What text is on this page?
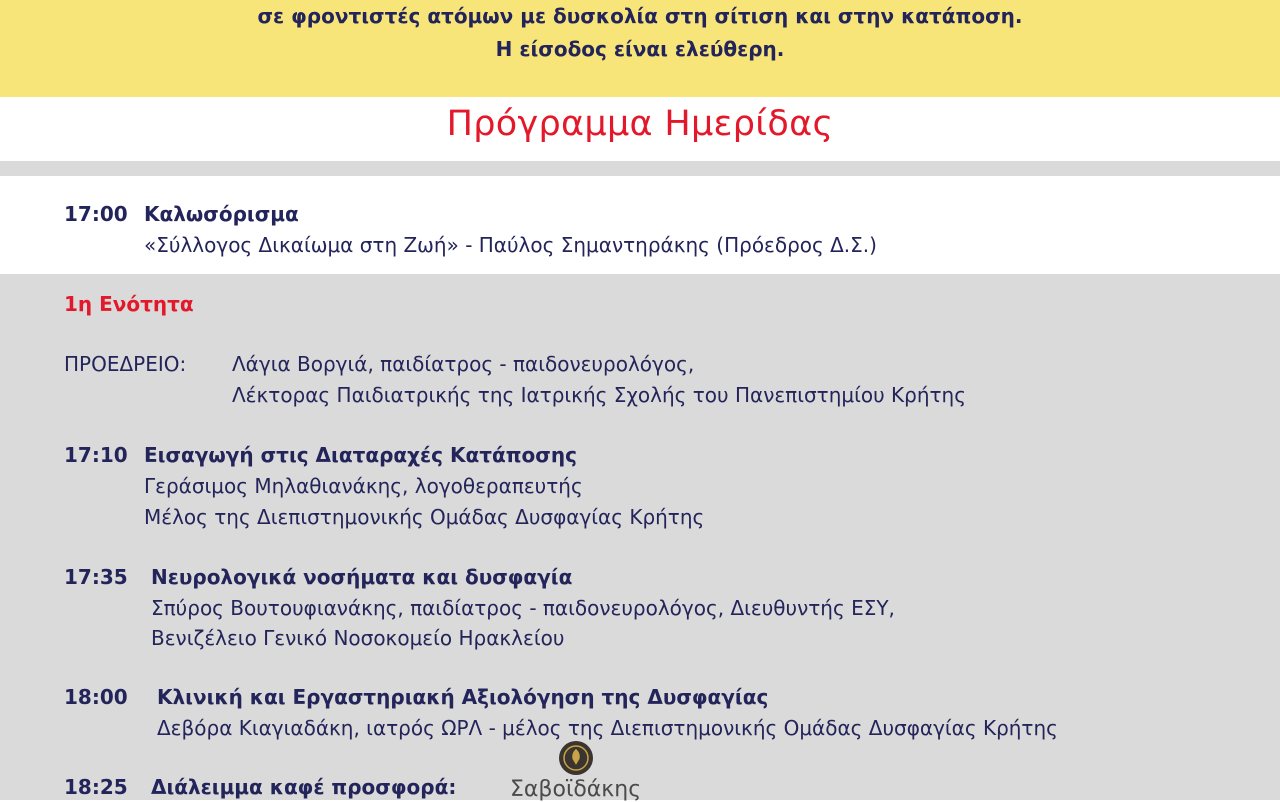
σε φροντιστές ατόμων με δυσκολία στη σίτιση και στην κατάποση.
Η είσοδος είναι ελεύθερη.
Πρόγραμμα Ημερίδας
17:00 Καλωσόρισμα
«Σύλλογος Δικαίωμα στη Ζωή» - Παύλος Σημαντηράκης (Πρόεδρος Δ.Σ.)
1η Ενότητα
ΠΡΟΕΔΡΕΙΟ: Λάγια Βοργιά, παιδίατρος - παιδονευρολόγος,
Λέκτορας Παιδιατρικής της Ιατρικής Σχολής του Πανεπιστημίου Κρήτης
17:10 Εισαγωγή στις Διαταραχές Κατάποσης
Γεράσιμος Μηλαθιανάκης, λογοθεραπευτής
Μέλος της Διεπιστημονικής Ομάδας Δυσφαγίας Κρήτης
17:35 Νευρολογικά νοσήματα και δυσφαγία
Σπύρος Βουτουφιανάκης, παιδίατρος - παιδονευρολόγος, Διευθυντής ΕΣΥ,
Βενιζέλειο Γενικό Νοσοκομείο Ηρακλείου
18:00 Κλινική και Εργαστηριακή Αξιολόγηση της Δυσφαγίας
Δεβόρα Κιαγιαδάκη, ιατρός ΩΡΛ - μέλος της Διεπιστημονικής Ομάδας Δυσφαγίας Κρήτης
18:25 Διάλειμμα καφέ προσφορά: Σαβοϊδάκης
